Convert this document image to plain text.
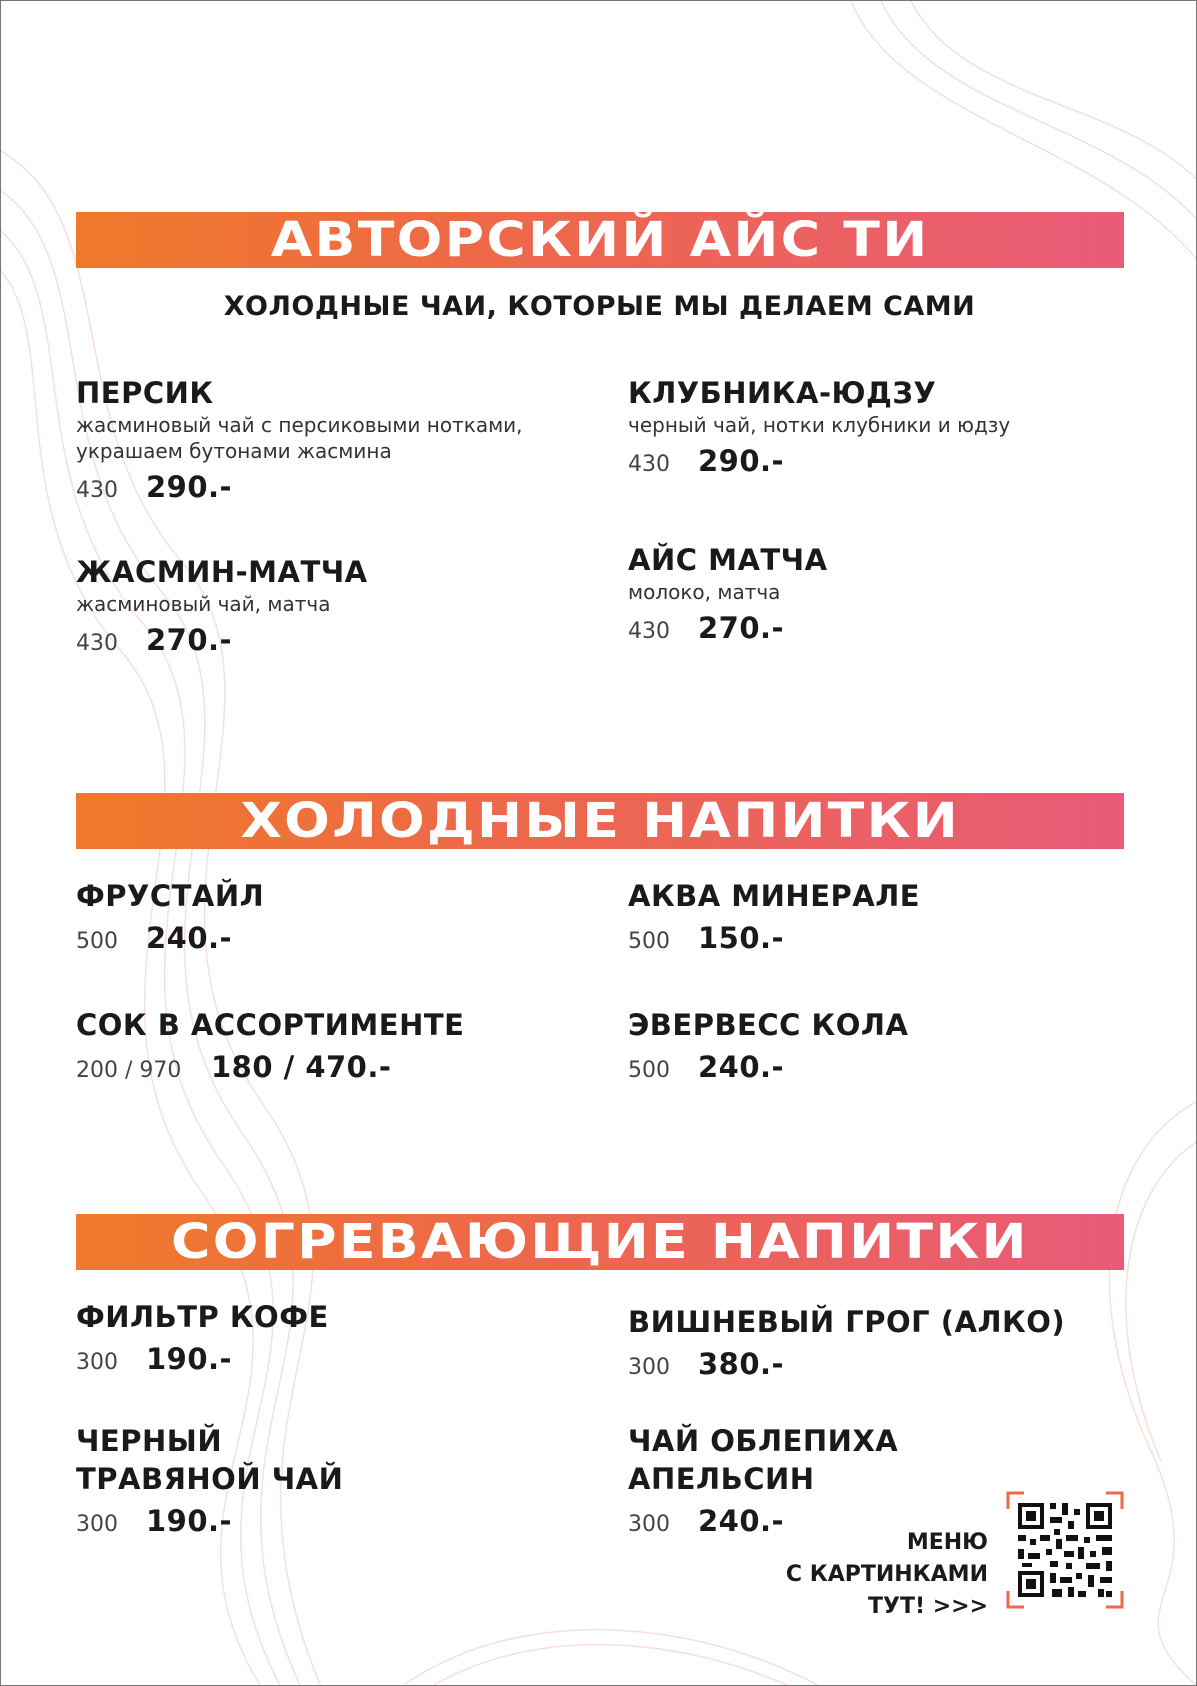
АВТОРСКИЙ АЙС ТИ
ХОЛОДНЫЕ ЧАИ, КОТОРЫЕ МЫ ДЕЛАЕМ САМИ
ПЕРСИК
жасминовый чай с персиковыми нотками,
украшаем бутонами жасмина
430 290.-
КЛУБНИКА-ЮДЗУ
черный чай, нотки клубники и юдзу
430 290.-
ЖАСМИН-МАТЧА
жасминовый чай, матча
430 270.-
АЙС МАТЧА
молоко, матча
430 270.-
ХОЛОДНЫЕ НАПИТКИ
ФРУСТАЙЛ
500 240.-
АКВА МИНЕРАЛЕ
500 150.-
СОК В АССОРТИМЕНТЕ
200 / 970	180 / 470.-
ЭВЕРВЕСС КОЛА
500 240.-
СОГРЕВАЮЩИЕ НАПИТКИ
ФИЛЬТР КОФЕ
300 190.-
ВИШНЕВЫЙ ГРОГ (АЛКО)
300 380.-
ЧЕРНЫЙ
ТРАВЯНОЙ ЧАЙ
300 190.-
ЧАЙ ОБЛЕПИХА
АПЕЛЬСИН
300 240.-
МЕНЮ
С КАРТИНКАМИ
ТУТ! >>>
